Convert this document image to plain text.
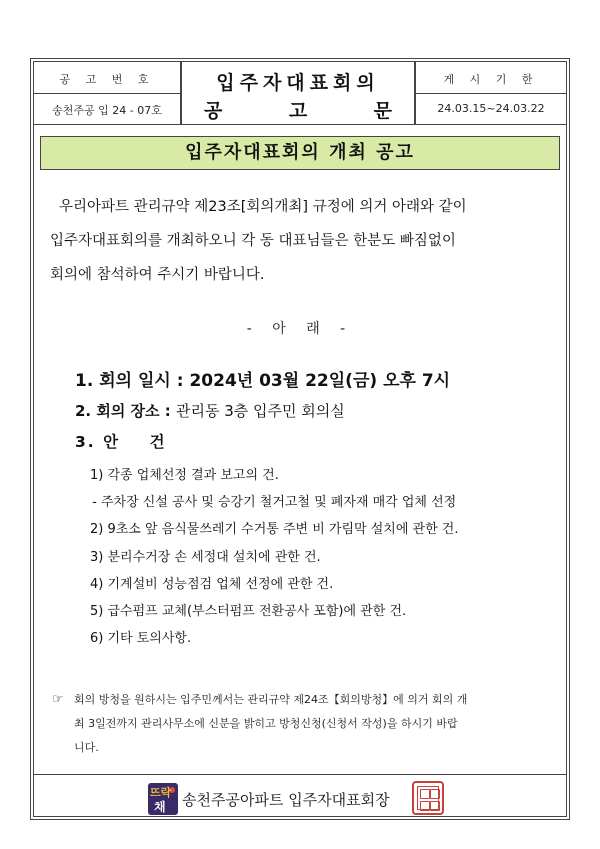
공 고 번 호
송천주공 입 24 - 07호
입주자대표회의
공	고	문
게 시 기 한
24.03.15~24.03.22
입주자대표회의 개최 공고

우리아파트 관리규약 제23조[회의개최] 규정에 의거 아래와 같이

입주자대표회의를 개최하오니 각 동 대표님들은 한분도 빠짐없이

회의에 참석하여 주시기 바랍니다.

- 아 래 -
1. 회의 일시 : 2024년 03월 22일(금) 오후 7시
2. 회의 장소 : 관리동 3층 입주민 회의실
3. 안    건
1) 각종 업체선정 결과 보고의 건.
- 주차장 신설 공사 및 승강기 철거고철 및 폐자재 매각 업체 선정
2) 9초소 앞 음식물쓰레기 수거통 주변 비 가림막 설치에 관한 건.
3) 분리수거장 손 세정대 설치에 관한 건.
4) 기계설비 성능점검 업체 선정에 관한 건.
5) 급수펌프 교체(부스터펌프 전환공사 포함)에 관한 건.
6) 기타 토의사항.
☞ 회의 방청을 원하시는 입주민께서는 관리규약 제24조【회의방청】에 의거 회의 개
최 3일전까지 관리사무소에 신분을 밝히고 방청신청(신청서 작성)을 하시기 바랍
니다.
뜨락
채 송천주공아파트 입주자대표회장
